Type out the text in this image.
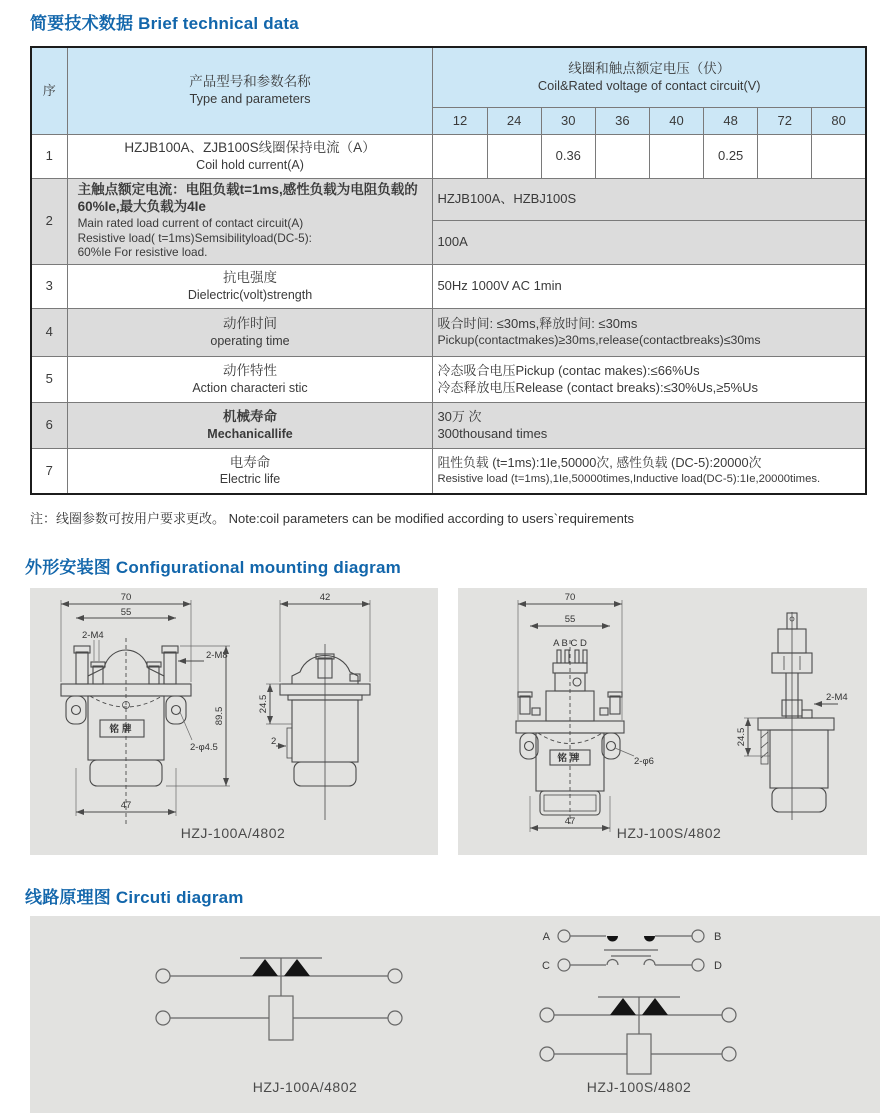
简要技术数据 Brief technical data
序	产品型号和参数名称
Type and parameters	线圈和触点额定电压（伏）
Coil&Rated voltage of contact circuit(V)							

		12	24	30	36	40	48	72	80
1	HZJB100A、ZJB100S线圈保持电流（A）
Coil hold current(A)			0.36			0.25		
2	主触点额定电流：电阻负载t=1ms,感性负载为电阻负载的60%Ie,最大负载为4Ie
Main rated load current of contact circuit(A)
Resistive load( t=1ms)Semsibilityload(DC-5):
60%Ie For resistive load.	HZJB100A、HZBJ100S							
		100A							
3	抗电强度
Dielectric(volt)strength	50Hz 1000V AC 1min							
4	动作时间
operating time	吸合时间: ≤30ms,释放时间: ≤30ms
Pickup(contactmakes)≥30ms,release(contactbreaks)≤30ms							

5	动作特性
Action characteri stic	冷态吸合电压Pickup (contac makes):≤66%Us
冷态释放电压Release (contact breaks):≤30%Us,≥5%Us							

6	机械寿命
Mechanicallife	30万 次
300thousand times							

7	电寿命
Electric life	阻性负载 (t=1ms):1Ie,50000次, 感性负载 (DC-5):20000次
Resistive load (t=1ms),1Ie,50000times,Inductive load(DC-5):1Ie,20000times.							

注：线圈参数可按用户要求更改。 Note:coil parameters can be modified according to users`requirements

外形安装图 Configurational mounting diagram
70
55
铭牌
2-M4
2-M8
89.5
2-φ4.5
47
42
24.5
2
HZJ-100A/4802
70
55
A B C D
铭牌	2-φ6
47
2-M4
24.5
HZJ-100S/4802
线路原理图 Circuti diagram
HZJ-100A/4802
A	B
C	D
HZJ-100S/4802
